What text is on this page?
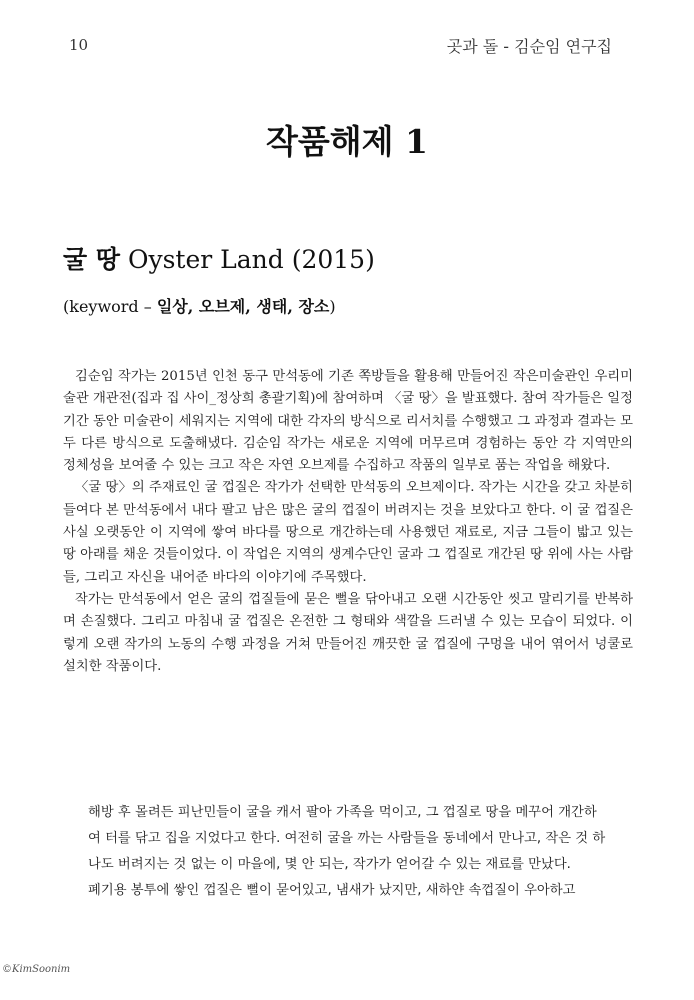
10	곳과 돌 - 김순임 연구집
작품해제 1
굴 땅 Oyster Land (2015)
(keyword – 일상, 오브제, 생태, 장소)

김순임 작가는 2015년 인천 동구 만석동에 기존 쪽방들을 활용해 만들어진 작은미술관인 우리미술관 개관전(집과 집 사이_정상희 총괄기획)에 참여하며 〈굴 땅〉을 발표했다. 참여 작가들은 일정 기간 동안 미술관이 세워지는 지역에 대한 각자의 방식으로 리서치를 수행했고 그 과정과 결과는 모두 다른 방식으로 도출해냈다. 김순임 작가는 새로운 지역에 머무르며 경험하는 동안 각 지역만의 정체성을 보여줄 수 있는 크고 작은 자연 오브제를 수집하고 작품의 일부로 품는 작업을 해왔다.

〈굴 땅〉의 주재료인 굴 껍질은 작가가 선택한 만석동의 오브제이다. 작가는 시간을 갖고 차분히 들여다 본 만석동에서 내다 팔고 남은 많은 굴의 껍질이 버려지는 것을 보았다고 한다. 이 굴 껍질은 사실 오랫동안 이 지역에 쌓여 바다를 땅으로 개간하는데 사용했던 재료로, 지금 그들이 밟고 있는 땅 아래를 채운 것들이었다. 이 작업은 지역의 생계수단인 굴과 그 껍질로 개간된 땅 위에 사는 사람들, 그리고 자신을 내어준 바다의 이야기에 주목했다.

작가는 만석동에서 얻은 굴의 껍질들에 묻은 뻘을 닦아내고 오랜 시간동안 씻고 말리기를 반복하며 손질했다. 그리고 마침내 굴 껍질은 온전한 그 형태와 색깔을 드러낼 수 있는 모습이 되었다. 이렇게 오랜 작가의 노동의 수행 과정을 거쳐 만들어진 깨끗한 굴 껍질에 구멍을 내어 엮어서 넝쿨로 설치한 작품이다.

해방 후 몰려든 피난민들이 굴을 캐서 팔아 가족을 먹이고, 그 껍질로 땅을 메꾸어 개간하여 터를 닦고 집을 지었다고 한다. 여전히 굴을 까는 사람들을 동네에서 만나고, 작은 것 하나도 버려지는 것 없는 이 마을에, 몇 안 되는, 작가가 얻어갈 수 있는 재료를 만났다.

폐기용 봉투에 쌓인 껍질은 뻘이 묻어있고, 냄새가 났지만, 새하얀 속껍질이 우아하고

©KimSoonim
